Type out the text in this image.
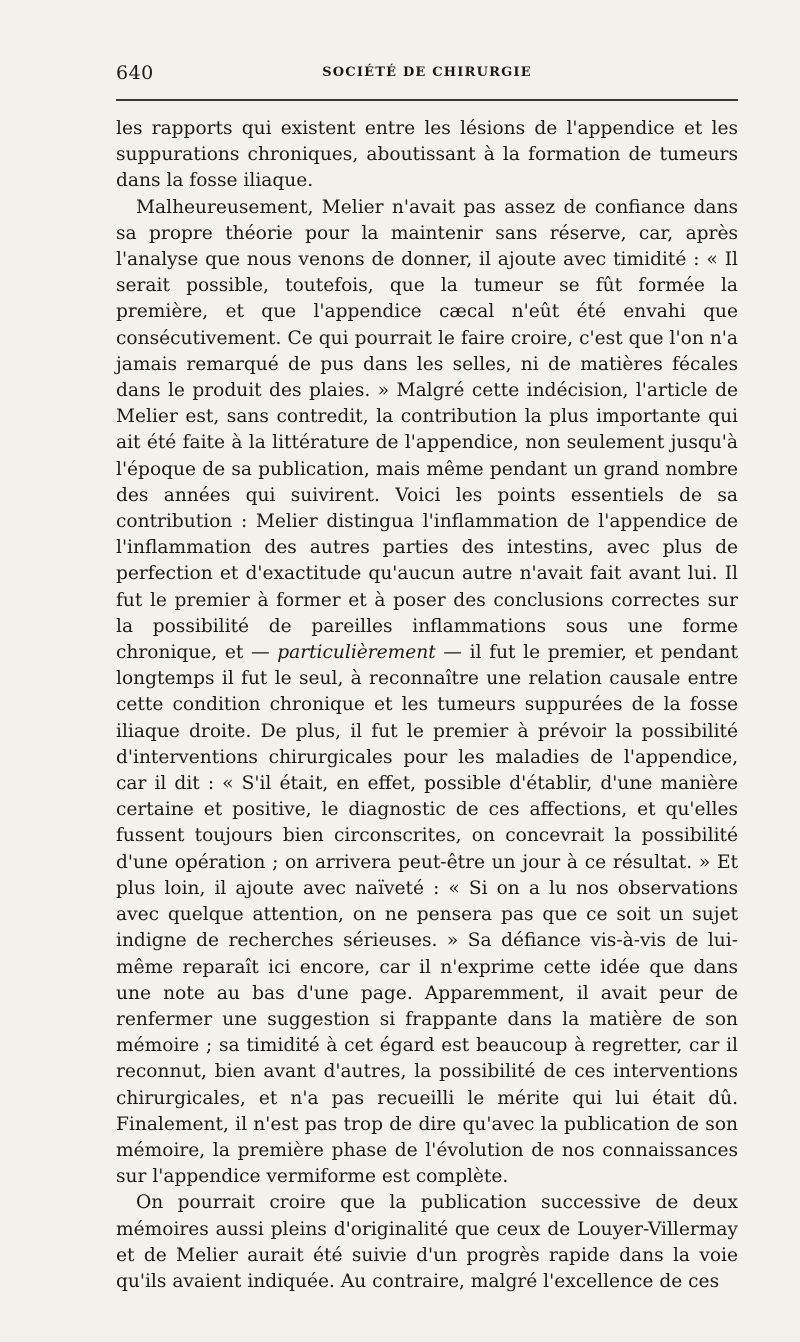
640	SOCIÉTÉ DE CHIRURGIE

les rapports qui existent entre les lésions de l'appendice et les suppurations chroniques, aboutissant à la formation de tumeurs dans la fosse iliaque.

Malheureusement, Melier n'avait pas assez de confiance dans sa propre théorie pour la maintenir sans réserve, car, après l'analyse que nous venons de donner, il ajoute avec timidité : « Il serait possible, toutefois, que la tumeur se fût formée la première, et que l'appendice cæcal n'eût été envahi que consécutivement. Ce qui pourrait le faire croire, c'est que l'on n'a jamais remarqué de pus dans les selles, ni de matières fécales dans le produit des plaies. » Malgré cette indécision, l'article de Melier est, sans contredit, la contribution la plus importante qui ait été faite à la littérature de l'appendice, non seulement jusqu'à l'époque de sa publication, mais même pendant un grand nombre des années qui suivirent. Voici les points essentiels de sa contribution : Melier distingua l'inflammation de l'appendice de l'inflammation des autres parties des intestins, avec plus de perfection et d'exactitude qu'aucun autre n'avait fait avant lui. Il fut le premier à former et à poser des conclusions correctes sur la possibilité de pareilles inflammations sous une forme chronique, et — particulièrement — il fut le premier, et pendant longtemps il fut le seul, à reconnaître une relation causale entre cette condition chronique et les tumeurs suppurées de la fosse iliaque droite. De plus, il fut le premier à prévoir la possibilité d'interventions chirurgicales pour les maladies de l'appendice, car il dit : « S'il était, en effet, possible d'établir, d'une manière certaine et positive, le diagnostic de ces affections, et qu'elles fussent toujours bien circonscrites, on concevrait la possibilité d'une opération ; on arrivera peut-être un jour à ce résultat. » Et plus loin, il ajoute avec naïveté : « Si on a lu nos observations avec quelque attention, on ne pensera pas que ce soit un sujet indigne de recherches sérieuses. » Sa défiance vis-à-vis de lui-même reparaît ici encore, car il n'exprime cette idée que dans une note au bas d'une page. Apparemment, il avait peur de renfermer une suggestion si frappante dans la matière de son mémoire ; sa timidité à cet égard est beaucoup à regretter, car il reconnut, bien avant d'autres, la possibilité de ces interventions chirurgicales, et n'a pas recueilli le mérite qui lui était dû. Finalement, il n'est pas trop de dire qu'avec la publication de son mémoire, la première phase de l'évolution de nos connaissances sur l'appendice vermiforme est complète.

On pourrait croire que la publication successive de deux mémoires aussi pleins d'originalité que ceux de Louyer-Villermay et de Melier aurait été suivie d'un progrès rapide dans la voie qu'ils avaient indiquée. Au contraire, malgré l'excellence de ces
